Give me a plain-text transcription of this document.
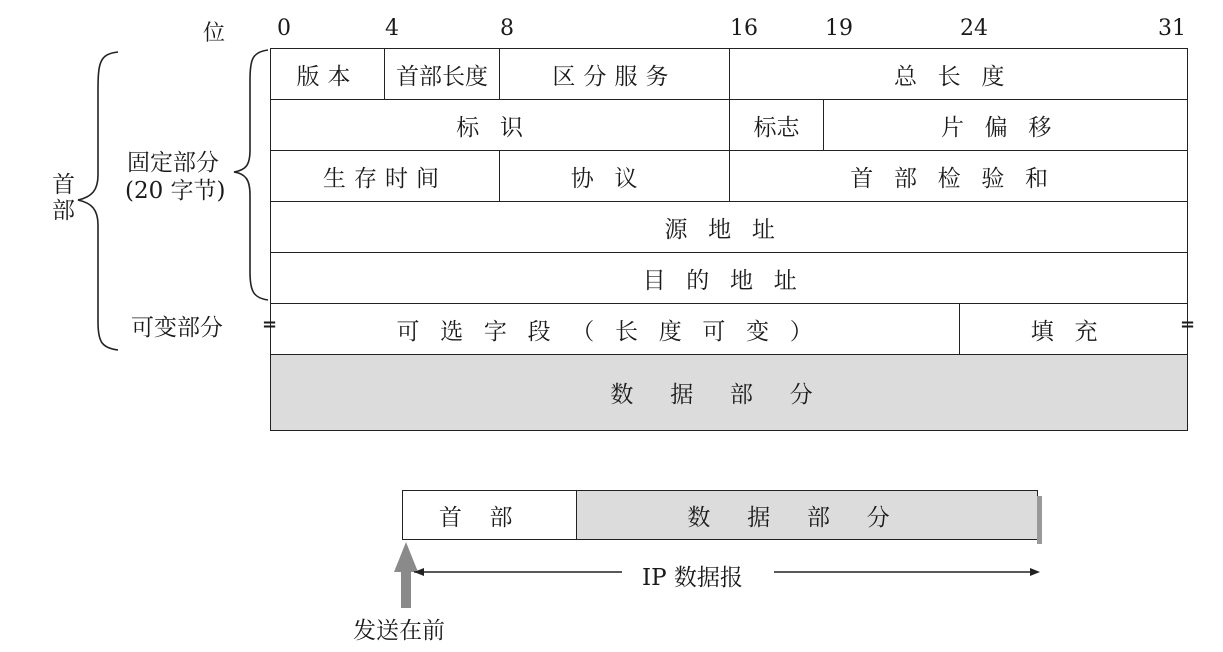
位 0	4	8	16	19	24	31
首部
固定部分
(20 字节)
可变部分
版本	首部长度	区分服务	总长度
标识	标志	片偏移
生存时间	协议	首部检验和
源地址
目的地址
可选字段（长度可变）	填充
数据部分
=	=
首部	数据部分
IP 数据报
发送在前
